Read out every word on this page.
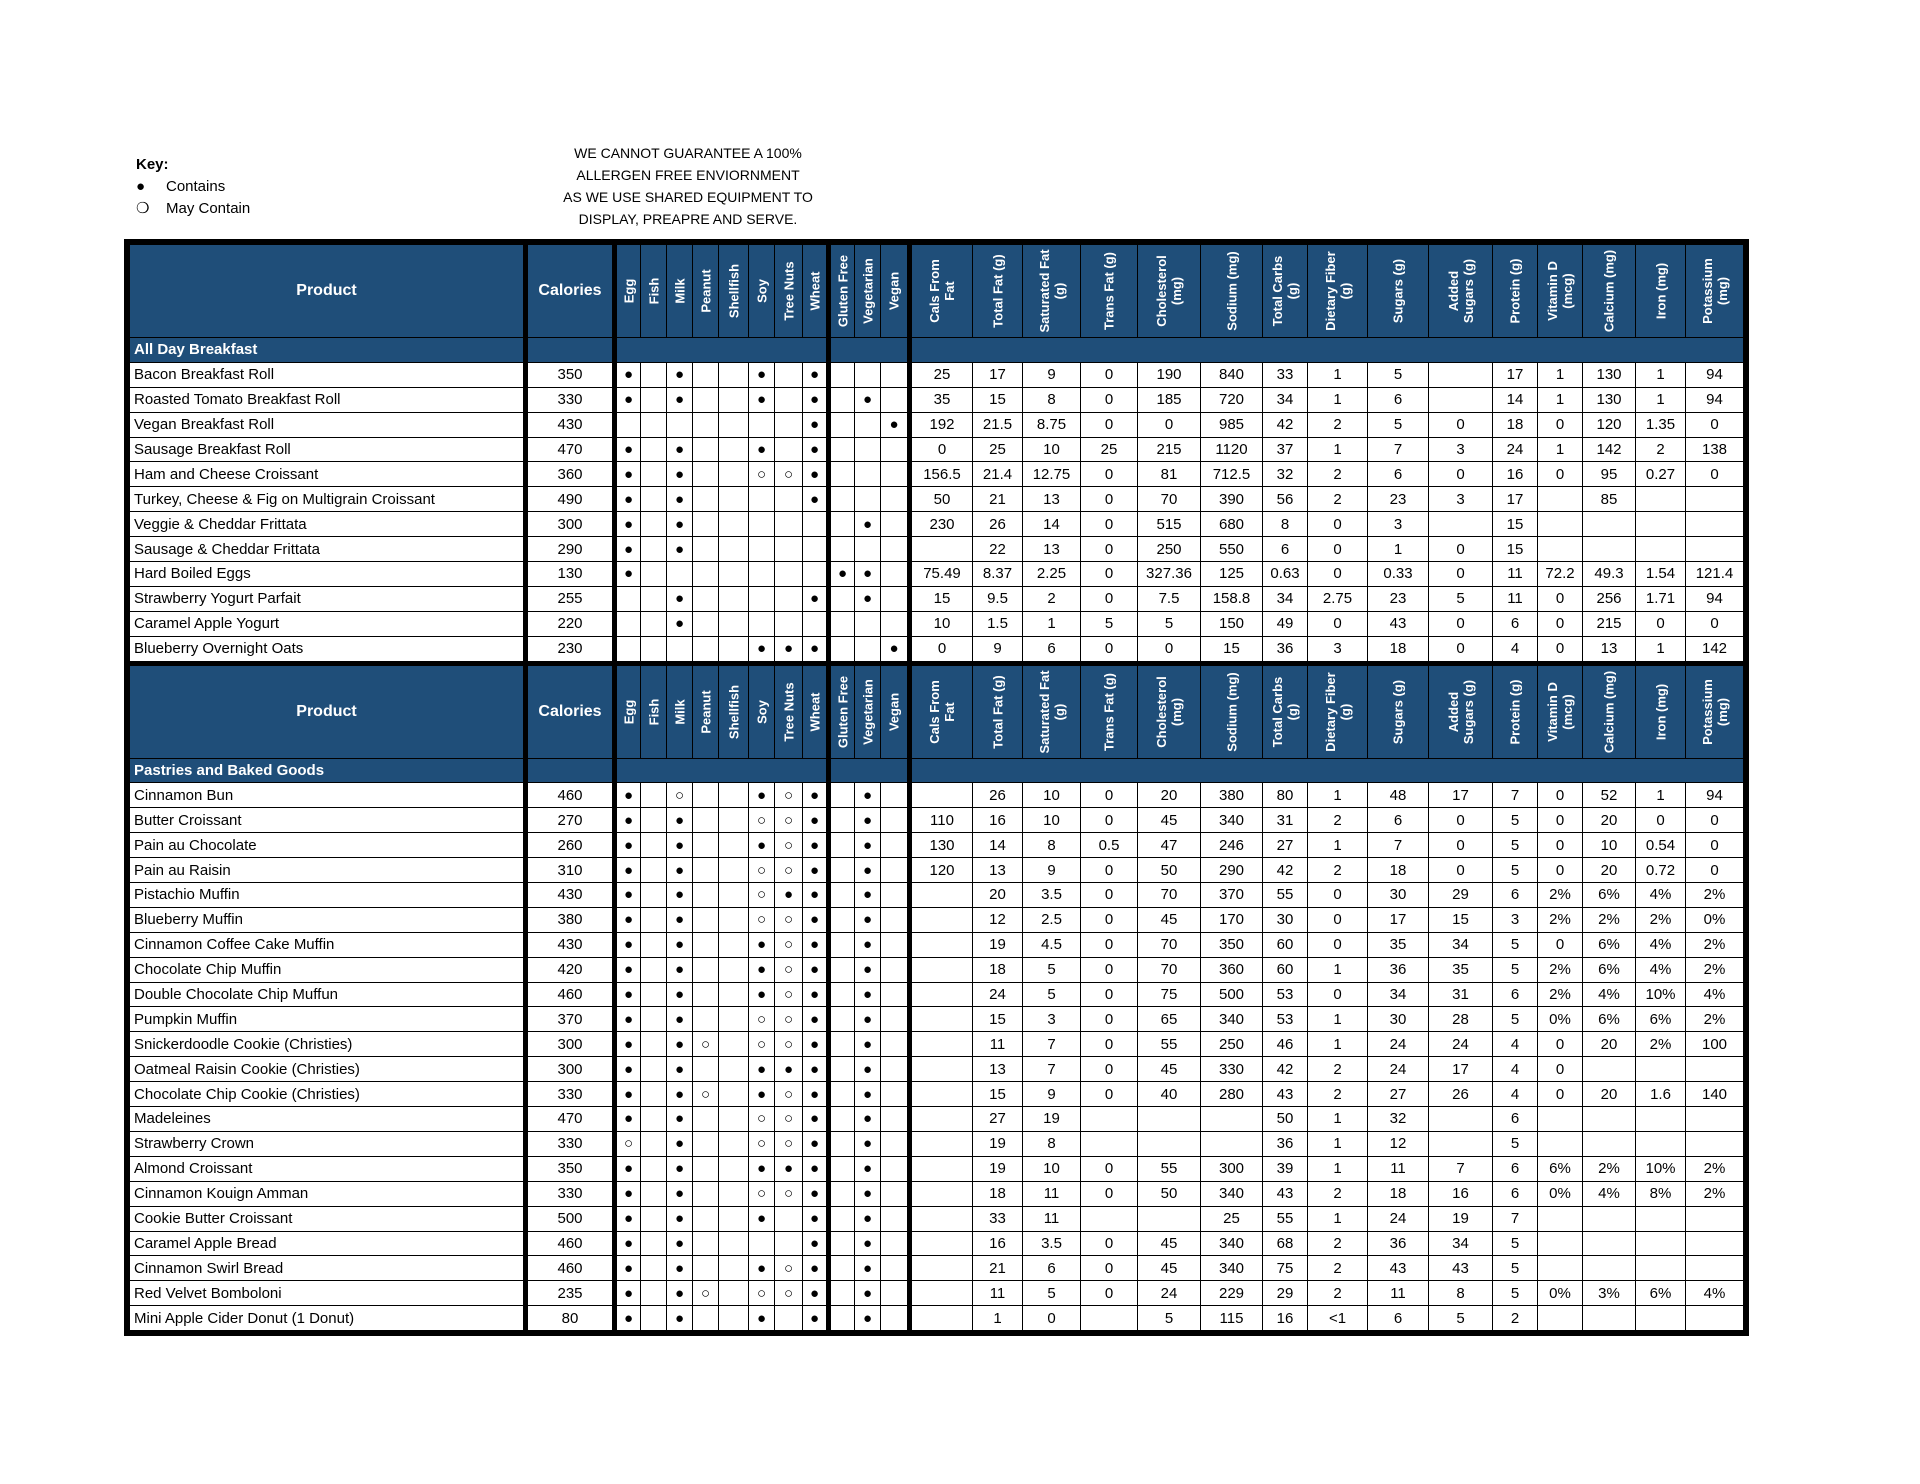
Key:
● Contains
❍ May Contain
WE CANNOT GUARANTEE A 100%
ALLERGEN FREE ENVIORNMENT
AS WE USE SHARED EQUIPMENT TO
DISPLAY, PREAPRE AND SERVE.
Product	Calories	Egg	Fish	Milk	Peanut	Shellfish	Soy	Tree Nuts	Wheat	Gluten Free	Vegetarian	Vegan	Cals From Fat	Total Fat (g)	Saturated Fat (g)	Trans Fat (g)	Cholesterol (mg)	Sodium (mg)	Total Carbs (g)	Dietary Fiber (g)	Sugars (g)	Added Sugars (g)	Protein (g)	Vitamin D (mcg)	Calcium (mg)	Iron (mg)	Potassium (mg)

All Day Breakfast																											
Bacon Breakfast Roll	350	●		●			●		●				25	17	9	0	190	840	33	1	5		17	1	130	1	94
Roasted Tomato Breakfast Roll	330	●		●			●		●		●		35	15	8	0	185	720	34	1	6		14	1	130	1	94
Vegan Breakfast Roll	430								●			●	192	21.5	8.75	0	0	985	42	2	5	0	18	0	120	1.35	0
Sausage Breakfast Roll	470	●		●			●		●				0	25	10	25	215	1120	37	1	7	3	24	1	142	2	138
Ham and Cheese Croissant	360	●		●			○	○	●				156.5	21.4	12.75	0	81	712.5	32	2	6	0	16	0	95	0.27	0
Turkey, Cheese & Fig on Multigrain Croissant	490	●		●					●				50	21	13	0	70	390	56	2	23	3	17		85		
Veggie & Cheddar Frittata	300	●		●							●		230	26	14	0	515	680	8	0	3		15				
Sausage & Cheddar Frittata	290	●		●										22	13	0	250	550	6	0	1	0	15				
Hard Boiled Eggs	130	●								●	●		75.49	8.37	2.25	0	327.36	125	0.63	0	0.33	0	11	72.2	49.3	1.54	121.4
Strawberry Yogurt Parfait	255			●					●		●		15	9.5	2	0	7.5	158.8	34	2.75	23	5	11	0	256	1.71	94
Caramel Apple Yogurt	220			●									10	1.5	1	5	5	150	49	0	43	0	6	0	215	0	0
Blueberry Overnight Oats	230						●	●	●			●	0	9	6	0	0	15	36	3	18	0	4	0	13	1	142
Product	Calories	Egg	Fish	Milk	Peanut	Shellfish	Soy	Tree Nuts	Wheat	Gluten Free	Vegetarian	Vegan	Cals From Fat	Total Fat (g)	Saturated Fat (g)	Trans Fat (g)	Cholesterol (mg)	Sodium (mg)	Total Carbs (g)	Dietary Fiber (g)	Sugars (g)	Added Sugars (g)	Protein (g)	Vitamin D (mcg)	Calcium (mg)	Iron (mg)	Potassium (mg)

Pastries and Baked Goods																											
Cinnamon Bun	460	●		○			●	○	●		●			26	10	0	20	380	80	1	48	17	7	0	52	1	94
Butter Croissant	270	●		●			○	○	●		●		110	16	10	0	45	340	31	2	6	0	5	0	20	0	0
Pain au Chocolate	260	●		●			●	○	●		●		130	14	8	0.5	47	246	27	1	7	0	5	0	10	0.54	0
Pain au Raisin	310	●		●			○	○	●		●		120	13	9	0	50	290	42	2	18	0	5	0	20	0.72	0
Pistachio Muffin	430	●		●			○	●	●		●			20	3.5	0	70	370	55	0	30	29	6	2%	6%	4%	2%
Blueberry Muffin	380	●		●			○	○	●		●			12	2.5	0	45	170	30	0	17	15	3	2%	2%	2%	0%
Cinnamon Coffee Cake Muffin	430	●		●			●	○	●		●			19	4.5	0	70	350	60	0	35	34	5	0	6%	4%	2%
Chocolate Chip Muffin	420	●		●			●	○	●		●			18	5	0	70	360	60	1	36	35	5	2%	6%	4%	2%
Double Chocolate Chip Muffun	460	●		●			●	○	●		●			24	5	0	75	500	53	0	34	31	6	2%	4%	10%	4%
Pumpkin Muffin	370	●		●			○	○	●		●			15	3	0	65	340	53	1	30	28	5	0%	6%	6%	2%
Snickerdoodle Cookie (Christies)	300	●		●	○		○	○	●		●			11	7	0	55	250	46	1	24	24	4	0	20	2%	100
Oatmeal Raisin Cookie (Christies)	300	●		●			●	●	●		●			13	7	0	45	330	42	2	24	17	4	0			
Chocolate Chip Cookie (Christies)	330	●		●	○		●	○	●		●			15	9	0	40	280	43	2	27	26	4	0	20	1.6	140
Madeleines	470	●		●			○	○	●		●			27	19				50	1	32		6				
Strawberry Crown	330	○		●			○	○	●		●			19	8				36	1	12		5				
Almond Croissant	350	●		●			●	●	●		●			19	10	0	55	300	39	1	11	7	6	6%	2%	10%	2%
Cinnamon Kouign Amman	330	●		●			○	○	●		●			18	11	0	50	340	43	2	18	16	6	0%	4%	8%	2%
Cookie Butter Croissant	500	●		●			●		●		●			33	11			25	55	1	24	19	7				
Caramel Apple Bread	460	●		●					●		●			16	3.5	0	45	340	68	2	36	34	5				
Cinnamon Swirl Bread	460	●		●			●	○	●		●			21	6	0	45	340	75	2	43	43	5				
Red Velvet Bomboloni	235	●		●	○		○	○	●		●			11	5	0	24	229	29	2	11	8	5	0%	3%	6%	4%
Mini Apple Cider Donut (1 Donut)	80	●		●			●		●		●			1	0		5	115	16	<1	6	5	2				
